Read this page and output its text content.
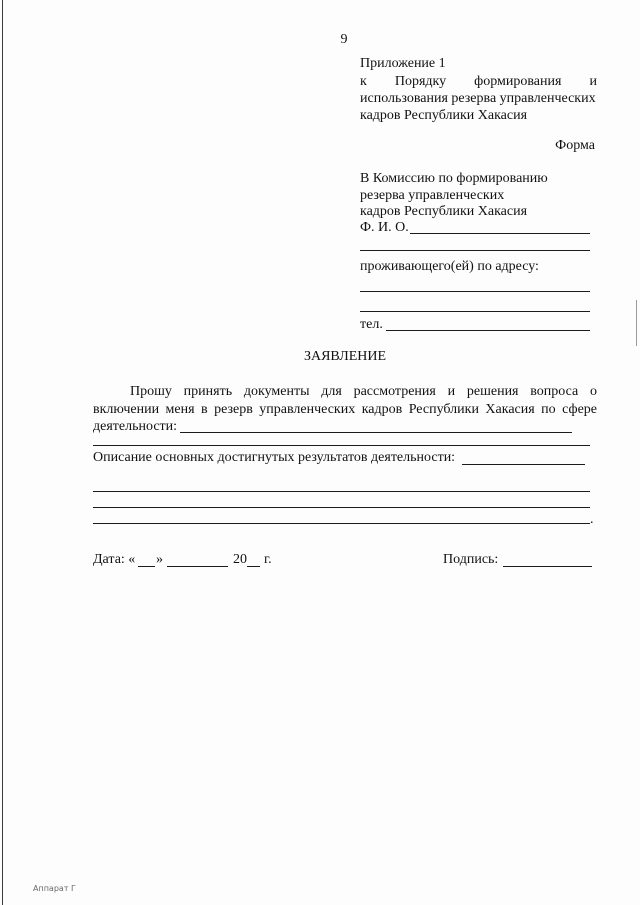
9
Приложение 1
к Порядку формирования и
использования резерва управленческих
кадров Республики Хакасия
Форма
В Комиссию по формированию
резерва управленческих
кадров Республики Хакасия
Ф. И. О.
проживающего(ей) по адресу:
тел.
ЗАЯВЛЕНИЕ
Прошу принять документы для рассмотрения и решения вопроса о
включении меня в резерв управленческих кадров Республики Хакасия по сфере
деятельности:
Описание основных достигнутых результатов деятельности:
.
Дата: « »	20 г.	Подпись:
Аппарат Г
